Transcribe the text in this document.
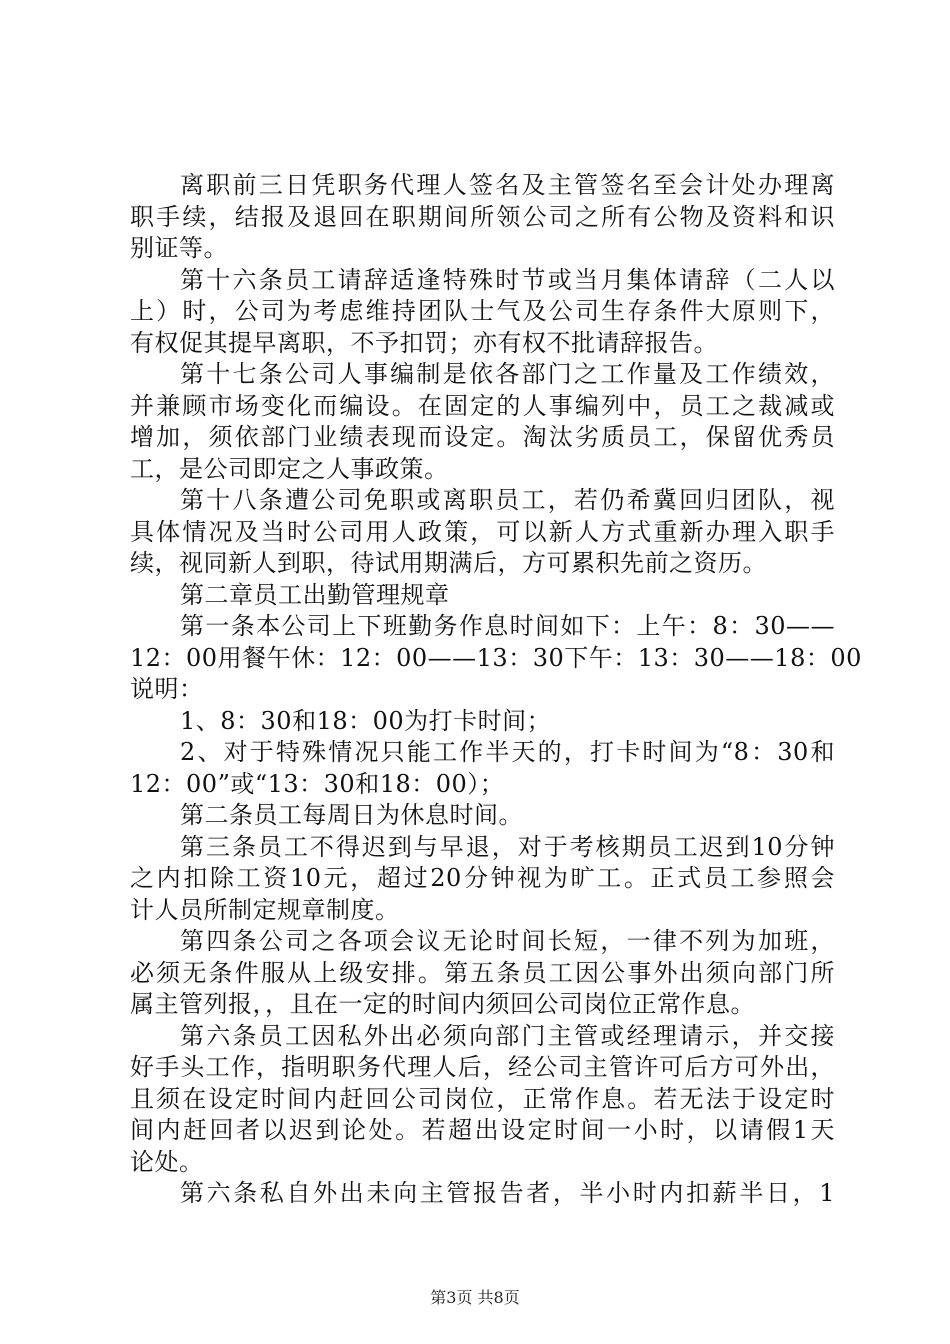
离职前三日凭职务代理人签名及主管签名至会计处办理离
职手续，结报及退回在职期间所领公司之所有公物及资料和识
别证等。
第十六条员工请辞适逢特殊时节或当月集体请辞（二人以
上）时，公司为考虑维持团队士气及公司生存条件大原则下，
有权促其提早离职，不予扣罚；亦有权不批请辞报告。
第十七条公司人事编制是依各部门之工作量及工作绩效，
并兼顾市场变化而编设。在固定的人事编列中，员工之裁减或
增加，须依部门业绩表现而设定。淘汰劣质员工，保留优秀员
工，是公司即定之人事政策。
第十八条遭公司免职或离职员工，若仍希冀回归团队，视
具体情况及当时公司用人政策，可以新人方式重新办理入职手
续，视同新人到职，待试用期满后，方可累积先前之资历。
第二章员工出勤管理规章
第一条本公司上下班勤务作息时间如下：上午：8：30——
12：00用餐午休：12：00——13：30下午：13：30——18：00
说明：
1、8：30和18：00为打卡时间；
2、对于特殊情况只能工作半天的，打卡时间为“8：30和
12：00”或“13：30和18：00）；
第二条员工每周日为休息时间。
第三条员工不得迟到与早退，对于考核期员工迟到10分钟
之内扣除工资10元，超过20分钟视为旷工。正式员工参照会
计人员所制定规章制度。
第四条公司之各项会议无论时间长短，一律不列为加班，
必须无条件服从上级安排。第五条员工因公事外出须向部门所
属主管列报，，且在一定的时间内须回公司岗位正常作息。
第六条员工因私外出必须向部门主管或经理请示，并交接
好手头工作，指明职务代理人后，经公司主管许可后方可外出，
且须在设定时间内赶回公司岗位，正常作息。若无法于设定时
间内赶回者以迟到论处。若超出设定时间一小时，以请假1天
论处。
第六条私自外出未向主管报告者，半小时内扣薪半日，1
第3页 共8页
